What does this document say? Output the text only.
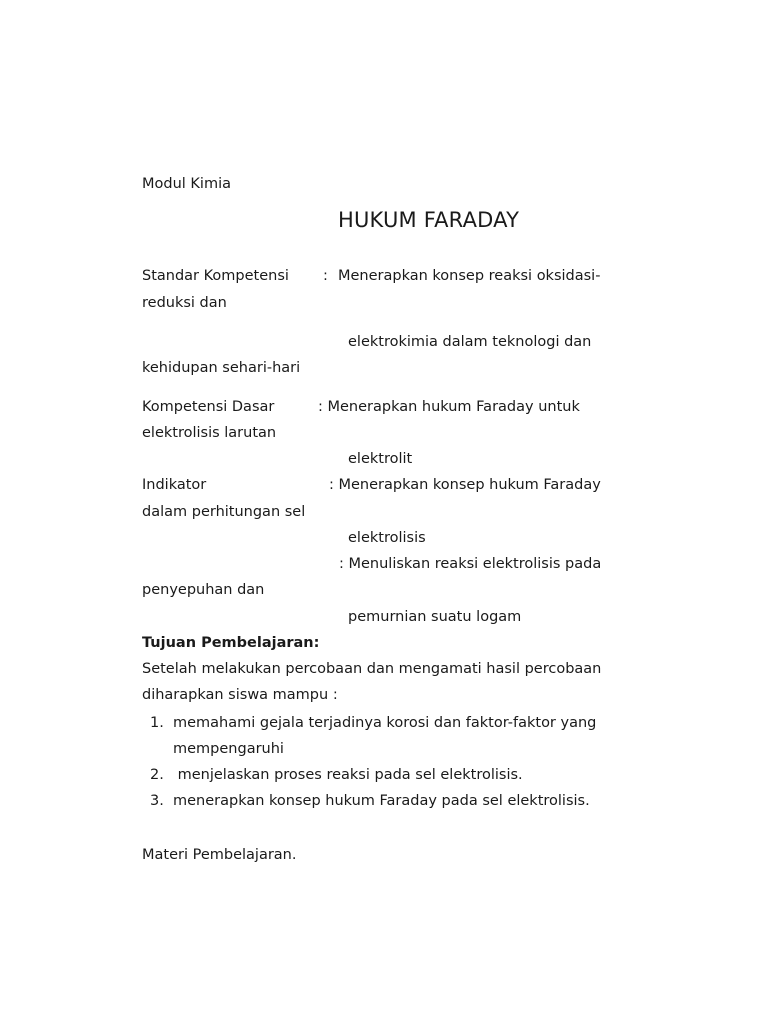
Modul Kimia
HUKUM FARADAY
Standar Kompetensi : Menerapkan konsep reaksi oksidasi-
reduksi dan
elektrokimia dalam teknologi dan
kehidupan sehari-hari
Kompetensi Dasar	: Menerapkan hukum Faraday untuk
elektrolisis larutan
elektrolit
Indikator	: Menerapkan konsep hukum Faraday
dalam perhitungan sel
elektrolisis
: Menuliskan reaksi elektrolisis pada
penyepuhan dan
pemurnian suatu logam
Tujuan Pembelajaran:
Setelah melakukan percobaan dan mengamati hasil percobaan
diharapkan siswa mampu :
1. memahami gejala terjadinya korosi dan faktor-faktor yang
mempengaruhi
2. menjelaskan proses reaksi pada sel elektrolisis.
3. menerapkan konsep hukum Faraday pada sel elektrolisis.
Materi Pembelajaran.
